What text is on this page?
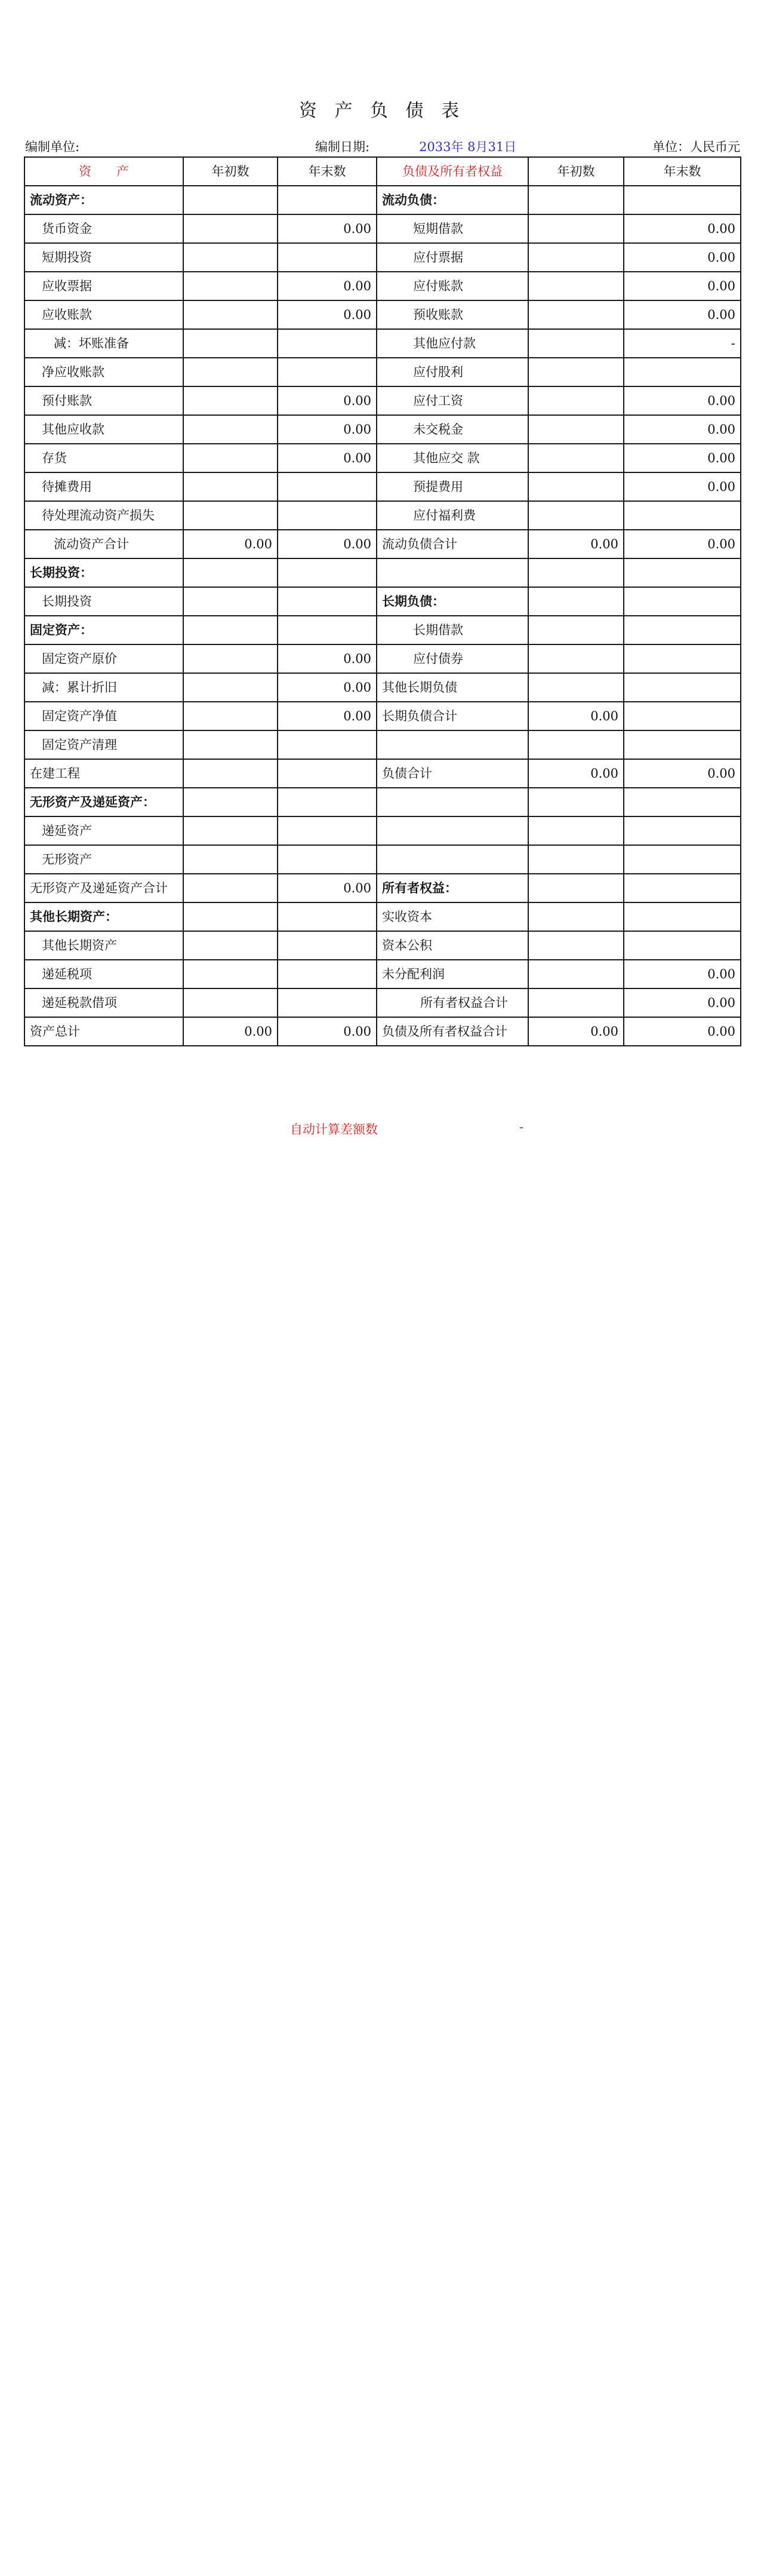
资 产 负 债 表
编制单位:	编制日期:	2033年 8月31日	单位：人民币元
资　　产	年初数	年末数	负债及所有者权益	年初数	年末数
流动资产：			流动负债：		
货币资金		0.00	短期借款		0.00
短期投资			应付票据		0.00
应收票据		0.00	应付账款		0.00
应收账款		0.00	预收账款		0.00
减：坏账准备			其他应付款		-
净应收账款			应付股利		
预付账款		0.00	应付工资		0.00
其他应收款		0.00	未交税金		0.00
存货		0.00	其他应交 款		0.00
待摊费用			预提费用		0.00
待处理流动资产损失			应付福利费		
流动资产合计	0.00	0.00	流动负债合计	0.00	0.00
长期投资：					
长期投资			长期负债：		
固定资产：			长期借款		
固定资产原价		0.00	应付债券		
减：累计折旧		0.00	其他长期负债		
固定资产净值		0.00	长期负债合计	0.00	
固定资产清理					
在建工程			负债合计	0.00	0.00
无形资产及递延资产：					
递延资产					
无形资产					
无形资产及递延资产合计		0.00	所有者权益：		
其他长期资产：			实收资本		
其他长期资产			资本公积		
递延税项			未分配利润		0.00
递延税款借项			所有者权益合计		0.00
资产总计	0.00	0.00	负债及所有者权益合计	0.00	0.00
自动计算差额数	-
